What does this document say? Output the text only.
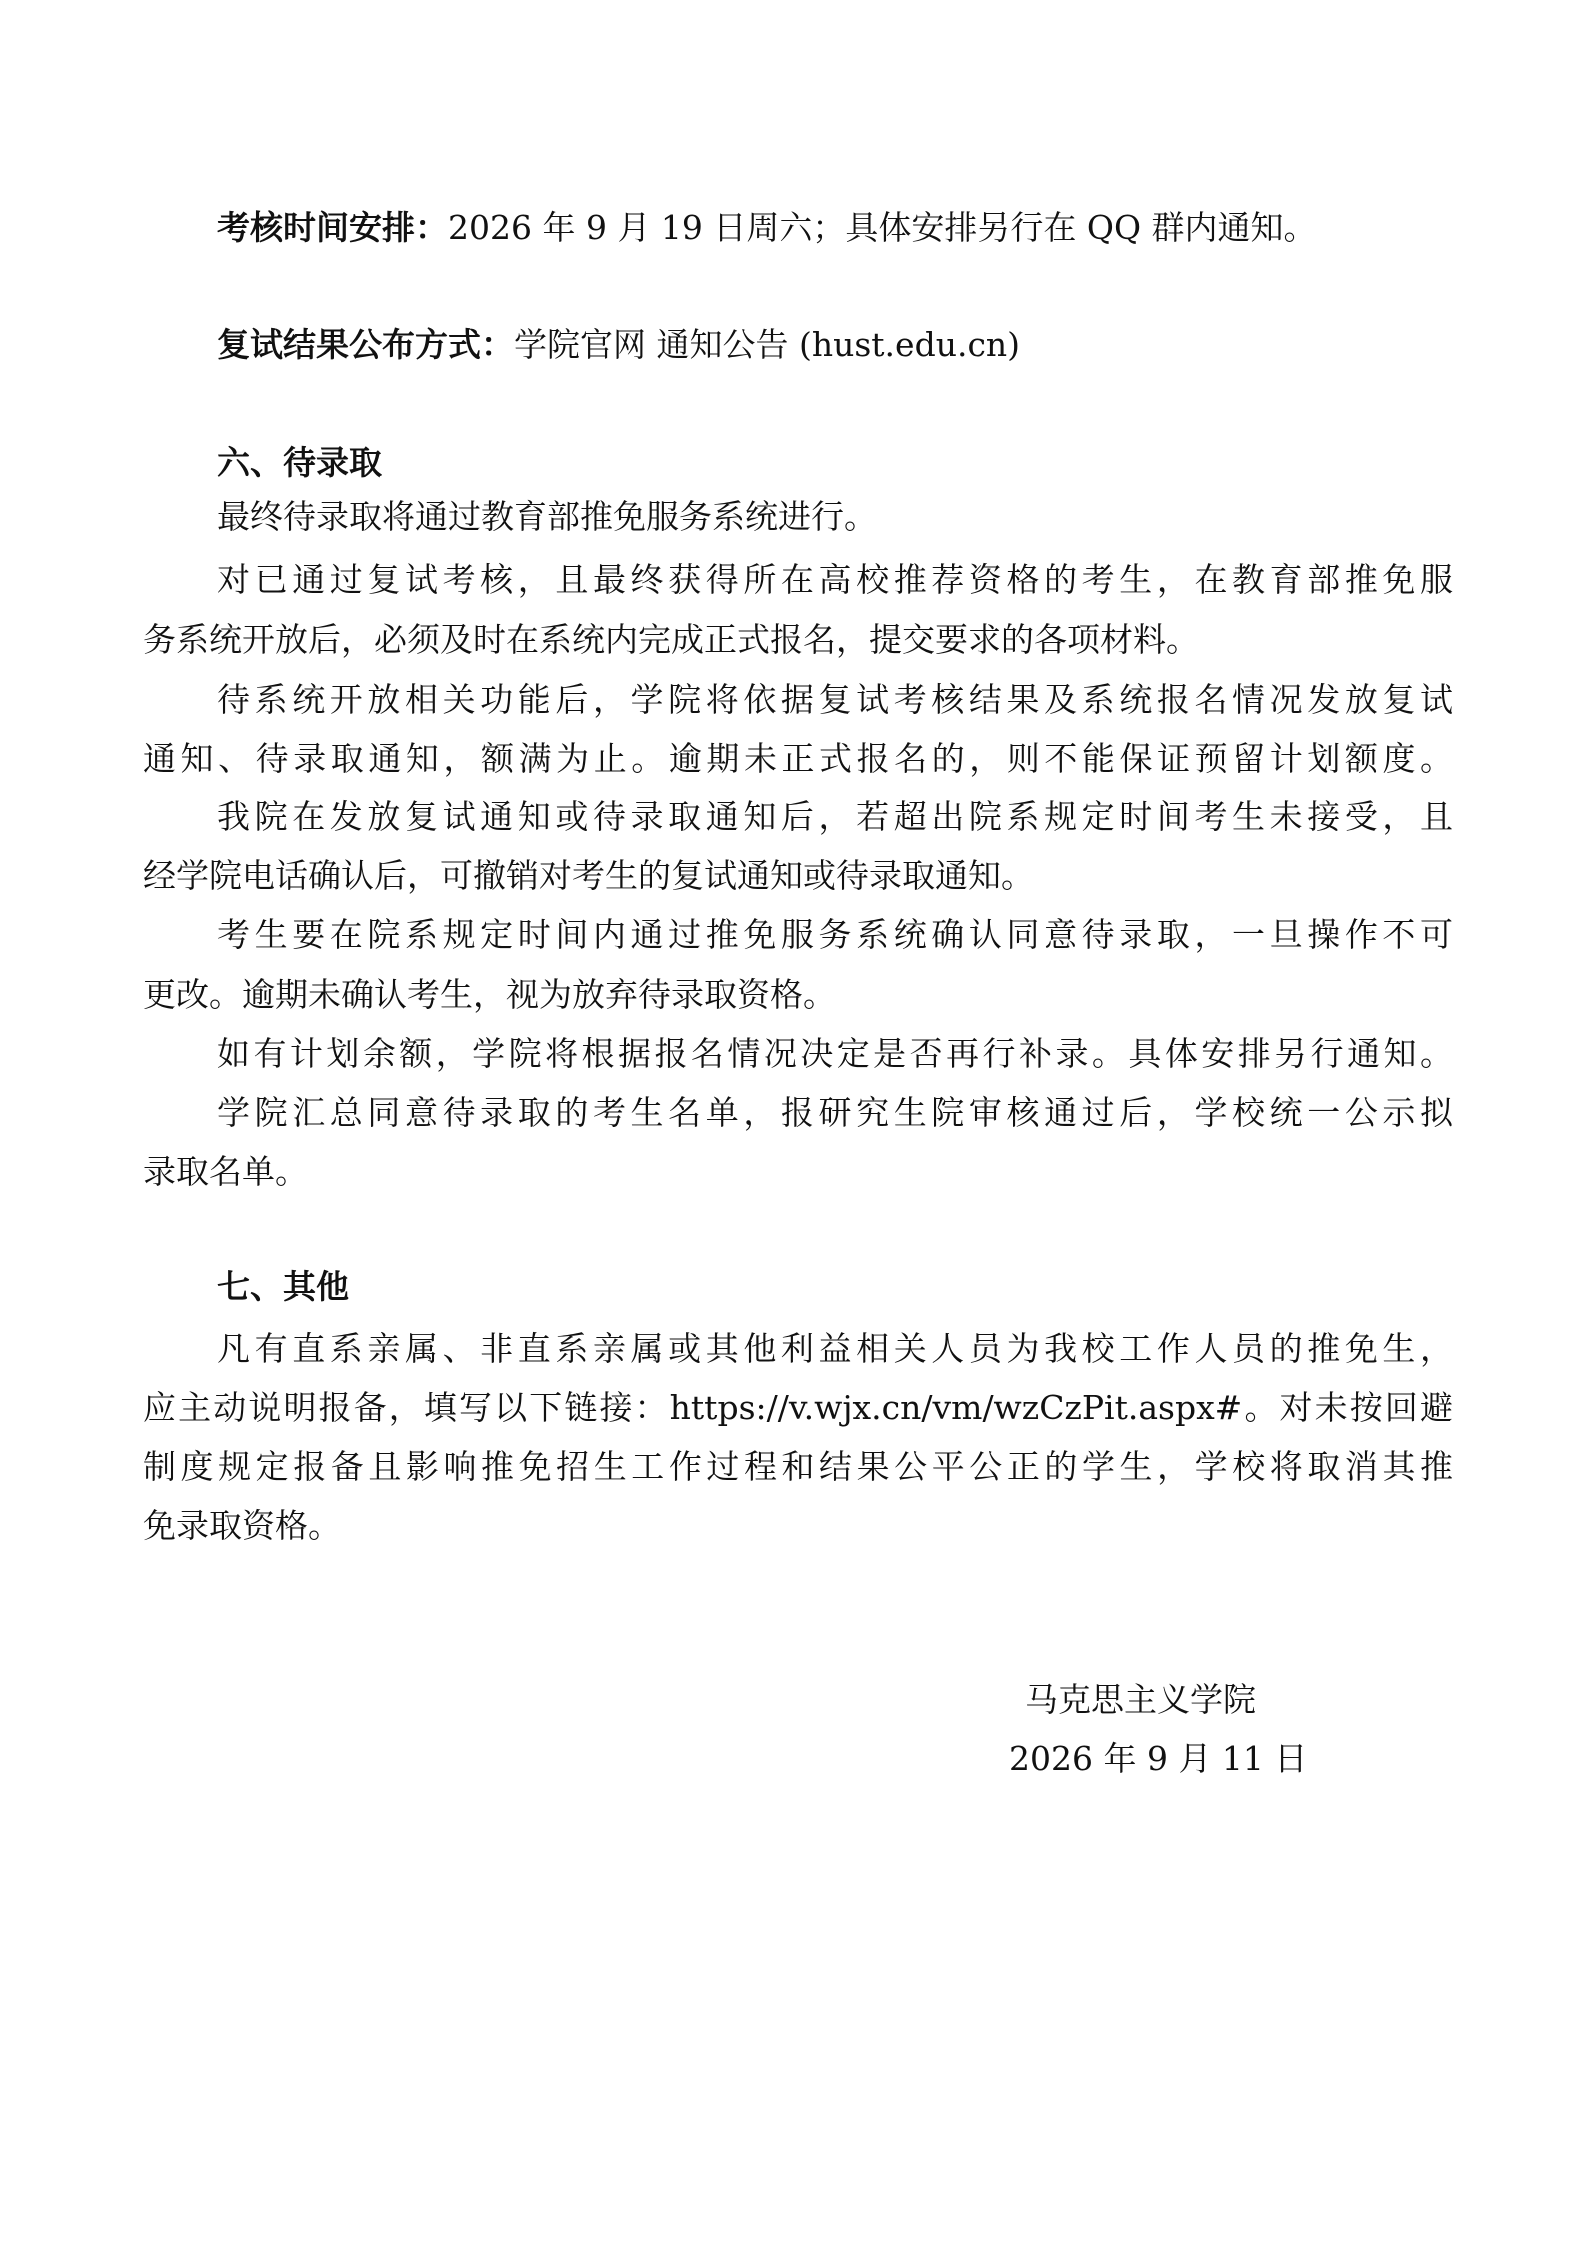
考核时间安排：2026 年 9 月 19 日周六；具体安排另行在 QQ 群内通知。
复试结果公布方式：学院官网 通知公告 (hust.edu.cn)
六、待录取
最终待录取将通过教育部推免服务系统进行。
对已通过复试考核，且最终获得所在高校推荐资格的考生，在教育部推免服
务系统开放后，必须及时在系统内完成正式报名，提交要求的各项材料。
待系统开放相关功能后，学院将依据复试考核结果及系统报名情况发放复试
通知、待录取通知，额满为止。逾期未正式报名的，则不能保证预留计划额度。
我院在发放复试通知或待录取通知后，若超出院系规定时间考生未接受，且
经学院电话确认后，可撤销对考生的复试通知或待录取通知。
考生要在院系规定时间内通过推免服务系统确认同意待录取，一旦操作不可
更改。逾期未确认考生，视为放弃待录取资格。
如有计划余额，学院将根据报名情况决定是否再行补录。具体安排另行通知。
学院汇总同意待录取的考生名单，报研究生院审核通过后，学校统一公示拟
录取名单。
七、其他
凡有直系亲属、非直系亲属或其他利益相关人员为我校工作人员的推免生，
应主动说明报备，填写以下链接：https://v.wjx.cn/vm/wzCzPit.aspx#。对未按回避
制度规定报备且影响推免招生工作过程和结果公平公正的学生，学校将取消其推
免录取资格。
马克思主义学院
2026 年 9 月 11 日
